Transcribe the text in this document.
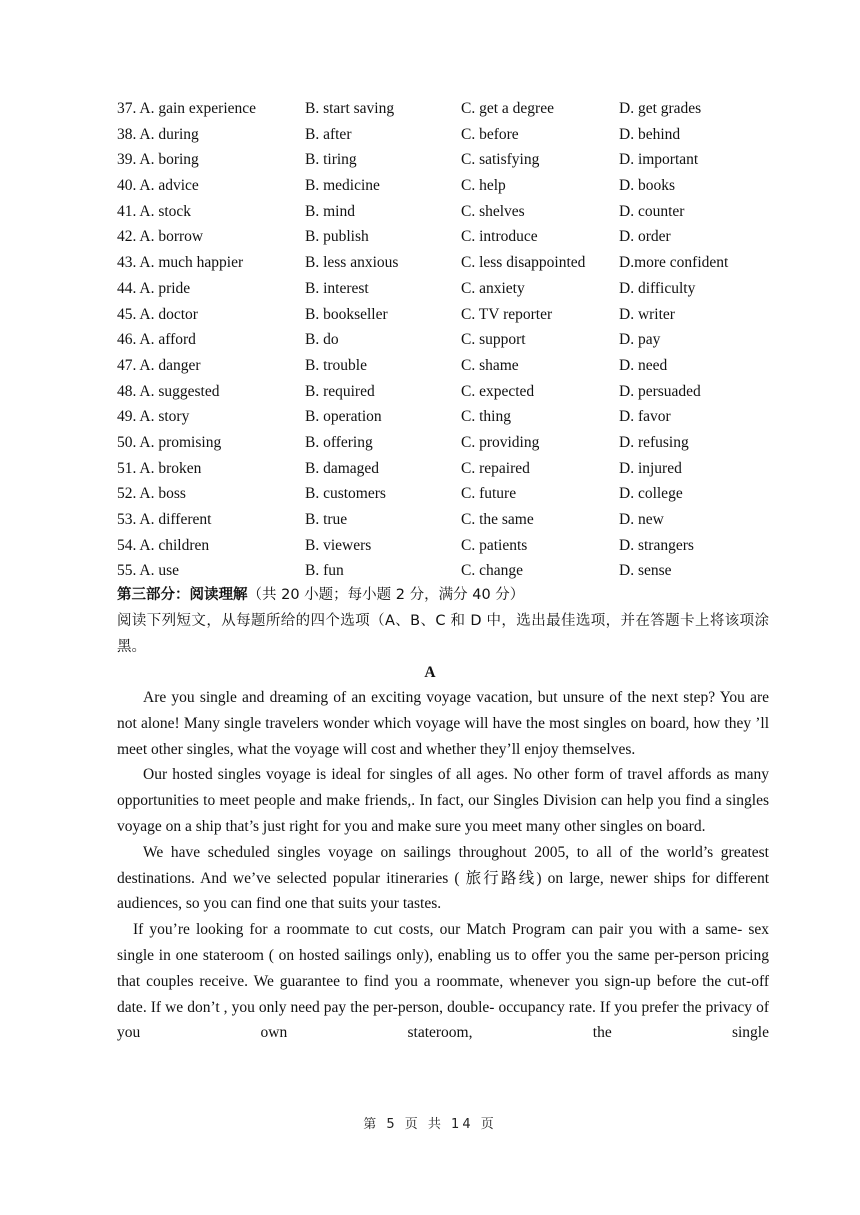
37. A. gain experience	B. start saving	C. get a degree	D. get grades
38. A. during	B. after	C. before	D. behind
39. A. boring	B. tiring	C. satisfying	D. important
40. A. advice	B. medicine	C. help	D. books
41. A. stock	B. mind	C. shelves	D. counter
42. A. borrow	B. publish	C. introduce	D. order
43. A. much happier	B. less anxious	C. less disappointed D.more confident
44. A. pride	B. interest	C. anxiety	D. difficulty
45. A. doctor	B. bookseller	C. TV reporter	D. writer
46. A. afford	B. do	C. support	D. pay
47. A. danger	B. trouble	C. shame	D. need
48. A. suggested	B. required	C. expected	D. persuaded
49. A. story	B. operation	C. thing	D. favor
50. A. promising	B. offering	C. providing	D. refusing
51. A. broken	B. damaged	C. repaired	D. injured
52. A. boss	B. customers	C. future	D. college
53. A. different	B. true	C. the same	D. new
54. A. children	B. viewers	C. patients	D. strangers
55. A. use	B. fun	C. change	D. sense
第三部分：阅读理解（共 20 小题；每小题 2 分，满分 40 分）
阅读下列短文，从每题所给的四个选项（A、B、C 和 D 中，选出最佳选项，并在答题卡上将该项涂黑。
A

Are you single and dreaming of an exciting voyage vacation, but unsure of the next step? You are not alone! Many single travelers wonder which voyage will have the most singles on board, how they ’ll meet other singles, what the voyage will cost and whether they’ll enjoy themselves.

Our hosted singles voyage is ideal for singles of all ages. No other form of travel affords as many opportunities to meet people and make friends,. In fact, our Singles Division can help you find a singles voyage on a ship that’s just right for you and make sure you meet many other singles on board.

We have scheduled singles voyage on sailings throughout 2005, to all of the world’s greatest destinations. And we’ve selected popular itineraries ( 旅行路线) on large, newer ships for different audiences, so you can find one that suits your tastes.

If you’re looking for a roommate to cut costs, our Match Program can pair you with a same- sex single in one stateroom ( on hosted sailings only), enabling us to offer you the same per-person pricing that couples receive. We guarantee to find you a roommate, whenever you sign-up before the cut-off date. If we don’t , you only need pay the per-person, double- occupancy rate. If you prefer the privacy of you own stateroom, the single

第 5 页 共 14 页
